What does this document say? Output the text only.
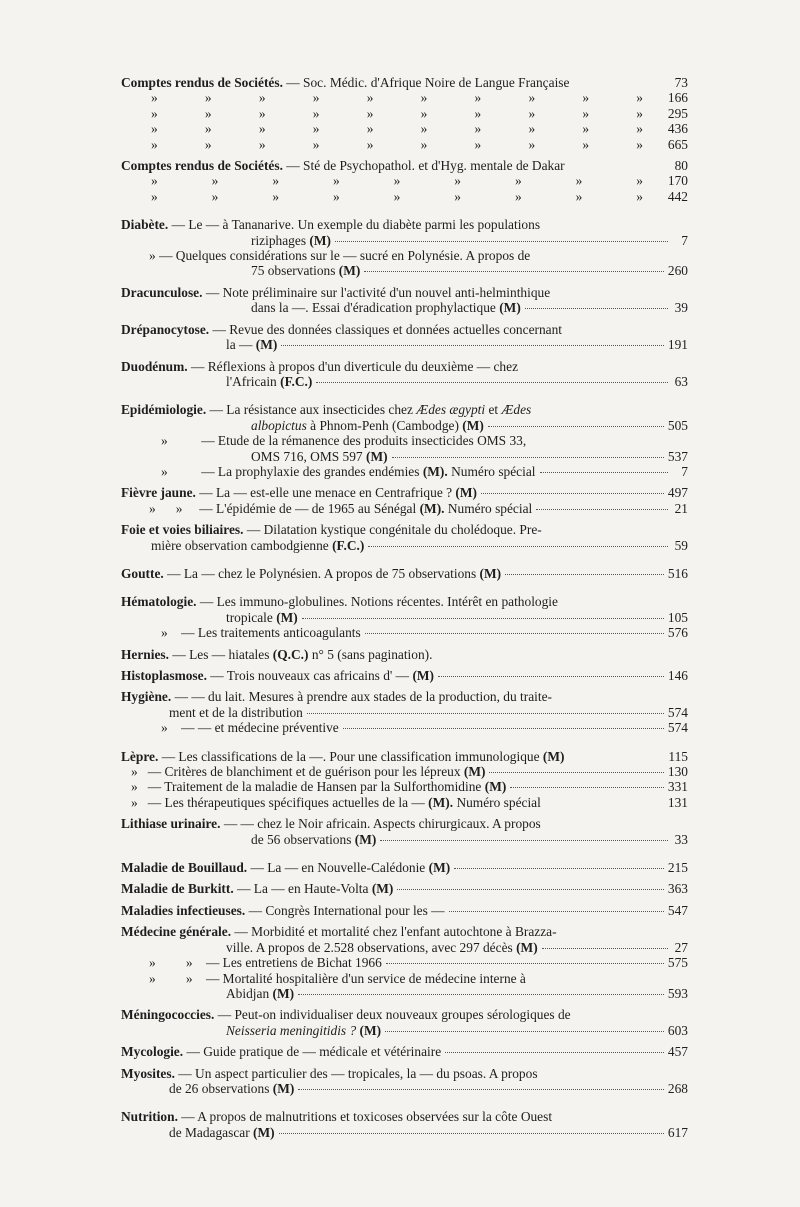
Comptes rendus de Sociétés. — Soc. Médic. d'Afrique Noire de Langue Française	73
»	»	»	»	»	»	»	»	»	» 166
»	»	»	»	»	»	»	»	»	» 295
»	»	»	»	»	»	»	»	»	» 436
»	»	»	»	»	»	»	»	»	» 665
Comptes rendus de Sociétés. — Sté de Psychopathol. et d'Hyg. mentale de Dakar	80
»	»	»	»	»	»	»	»	» 170
»	»	»	»	»	»	»	»	» 442
Diabète. — Le — à Tananarive. Un exemple du diabète parmi les populations
riziphages (M)	7
» — Quelques considérations sur le — sucré en Polynésie. A propos de
75 observations (M)	260
Dracunculose. — Note préliminaire sur l'activité d'un nouvel anti-helminthique
dans la —. Essai d'éradication prophylactique (M)	39
Drépanocytose. — Revue des données classiques et données actuelles concernant
la — (M)	191
Duodénum. — Réflexions à propos d'un diverticule du deuxième — chez
l'Africain (F.C.)	63
Epidémiologie. — La résistance aux insecticides chez Ædes ægypti et Ædes
albopictus à Phnom-Penh (Cambodge) (M)	505
» — Etude de la rémanence des produits insecticides OMS 33,
OMS 716, OMS 597 (M)	537
» — La prophylaxie des grandes endémies (M). Numéro spécial	7
Fièvre jaune. — La — est-elle une menace en Centrafrique ? (M)	497
» » — L'épidémie de — de 1965 au Sénégal (M). Numéro spécial	21
Foie et voies biliaires. — Dilatation kystique congénitale du cholédoque. Pre-
mière observation cambodgienne (F.C.)	59
Goutte. — La — chez le Polynésien. A propos de 75 observations (M)	516
Hématologie. — Les immuno-globulines. Notions récentes. Intérêt en pathologie
tropicale (M)	105
» — Les traitements anticoagulants	576
Hernies. — Les — hiatales (Q.C.) n° 5 (sans pagination).
Histoplasmose. — Trois nouveaux cas africains d' — (M)	146
Hygiène. — — du lait. Mesures à prendre aux stades de la production, du traite-
ment et de la distribution	574
» — — et médecine préventive	574
Lèpre. — Les classifications de la —. Pour une classification immunologique (M)	115
» — Critères de blanchiment et de guérison pour les lépreux (M)	130
» — Traitement de la maladie de Hansen par la Sulforthomidine (M)	331
» — Les thérapeutiques spécifiques actuelles de la — (M). Numéro spécial	131
Lithiase urinaire. — — chez le Noir africain. Aspects chirurgicaux. A propos
de 56 observations (M)	33
Maladie de Bouillaud. — La — en Nouvelle-Calédonie (M)	215
Maladie de Burkitt. — La — en Haute-Volta (M)	363
Maladies infectieuses. — Congrès International pour les —	547
Médecine générale. — Morbidité et mortalité chez l'enfant autochtone à Brazza-
ville. A propos de 2.528 observations, avec 297 décès (M)	27
» » — Les entretiens de Bichat 1966	575
» » — Mortalité hospitalière d'un service de médecine interne à
Abidjan (M)	593
Méningococcies. — Peut-on individualiser deux nouveaux groupes sérologiques de
Neisseria meningitidis ? (M)	603
Mycologie. — Guide pratique de — médicale et vétérinaire	457
Myosites. — Un aspect particulier des — tropicales, la — du psoas. A propos
de 26 observations (M)	268
Nutrition. — A propos de malnutritions et toxicoses observées sur la côte Ouest
de Madagascar (M)	617
